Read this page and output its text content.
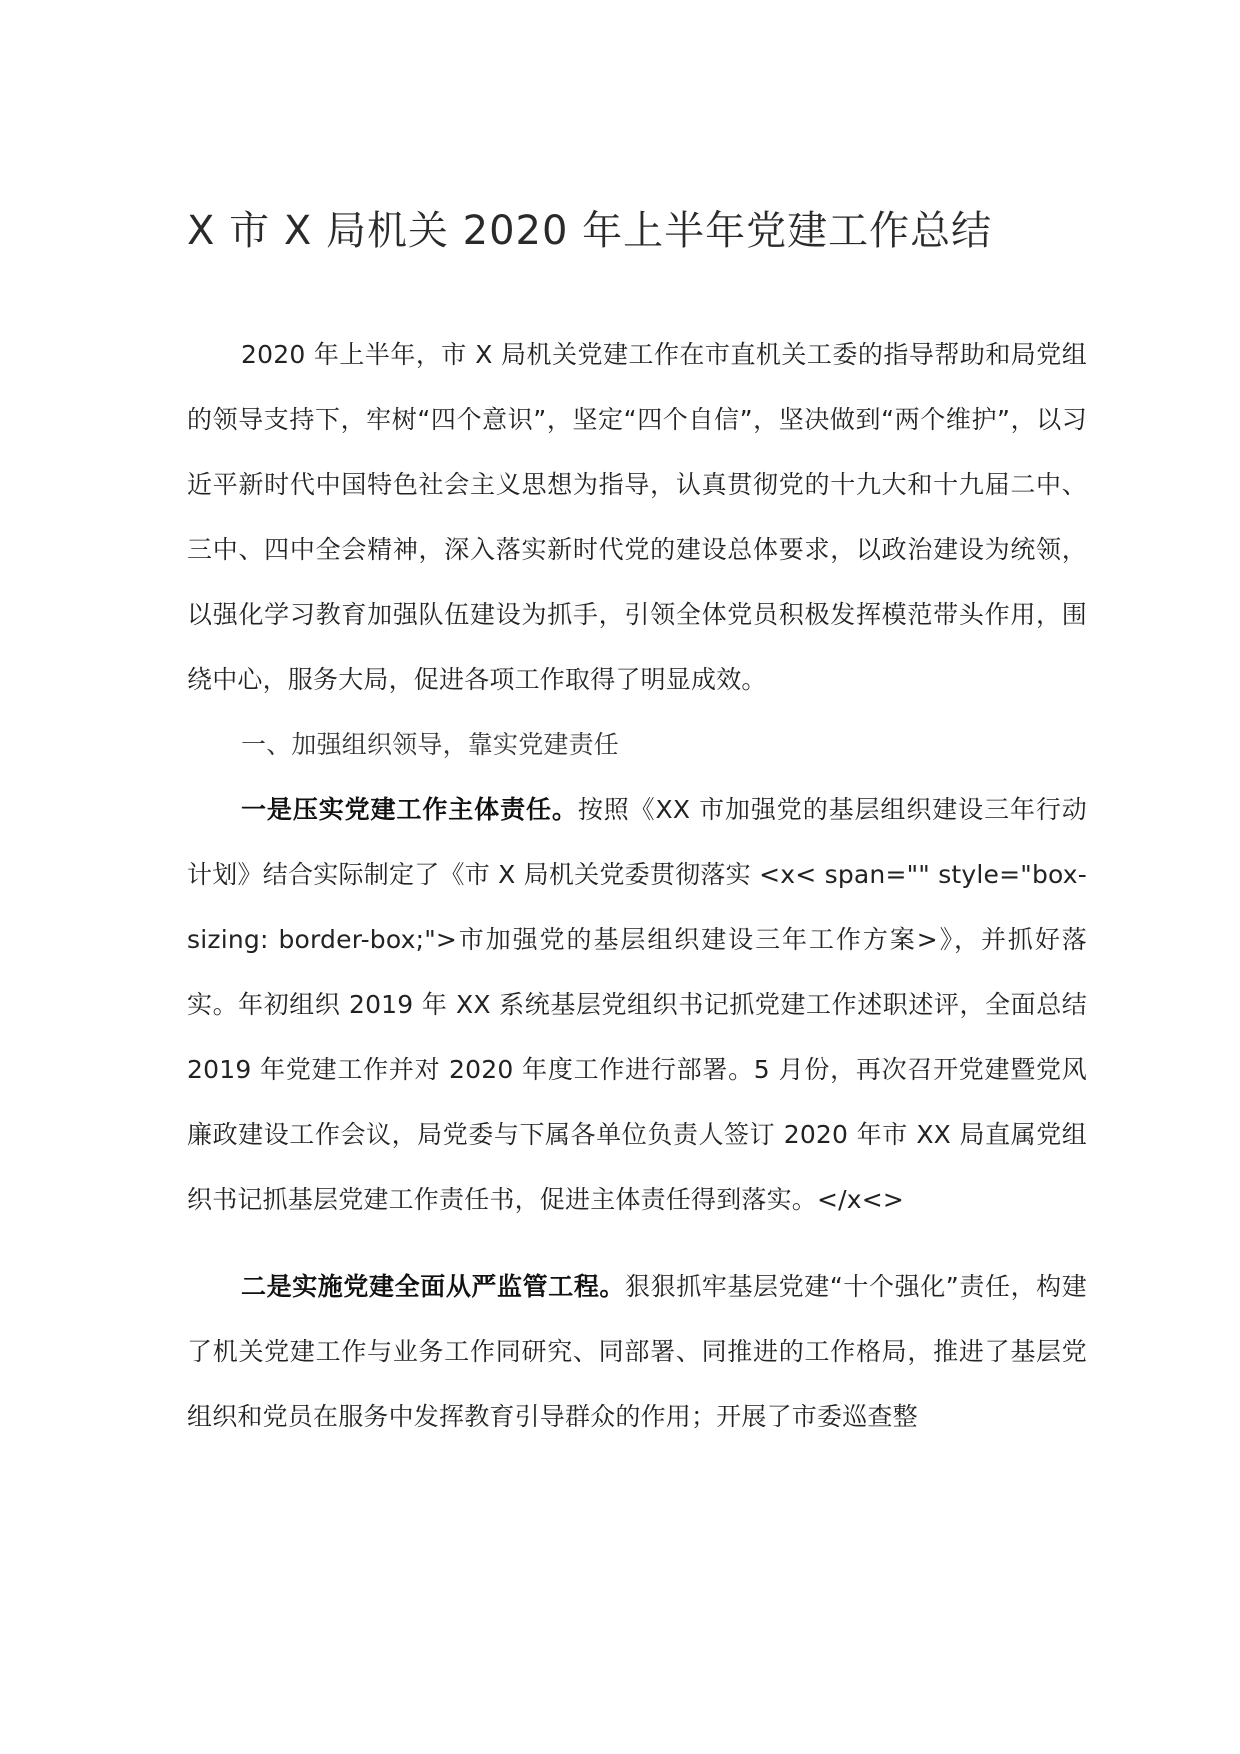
X 市 X 局机关 2020 年上半年党建工作总结

2020 年上半年，市 X 局机关党建工作在市直机关工委的指导帮助和局党组的领导支持下，牢树“四个意识”，坚定“四个自信”，坚决做到“两个维护”，以习近平新时代中国特色社会主义思想为指导，认真贯彻党的十九大和十九届二中、三中、四中全会精神，深入落实新时代党的建设总体要求，以政治建设为统领，以强化学习教育加强队伍建设为抓手，引领全体党员积极发挥模范带头作用，围绕中心，服务大局，促进各项工作取得了明显成效。

一、加强组织领导，靠实党建责任

一是压实党建工作主体责任。按照《XX 市加强党的基层组织建设三年行动计划》结合实际制定了《市 X 局机关党委贯彻落实 <x< span="" style="box-sizing: border-box;">市加强党的基层组织建设三年工作方案>》，并抓好落实。年初组织 2019 年 XX 系统基层党组织书记抓党建工作述职述评，全面总结 2019 年党建工作并对 2020 年度工作进行部署。5 月份，再次召开党建暨党风廉政建设工作会议，局党委与下属各单位负责人签订 2020 年市 XX 局直属党组织书记抓基层党建工作责任书，促进主体责任得到落实。</x<>

二是实施党建全面从严监管工程。狠狠抓牢基层党建“十个强化”责任，构建了机关党建工作与业务工作同研究、同部署、同推进的工作格局，推进了基层党组织和党员在服务中发挥教育引导群众的作用；开展了市委巡查整
